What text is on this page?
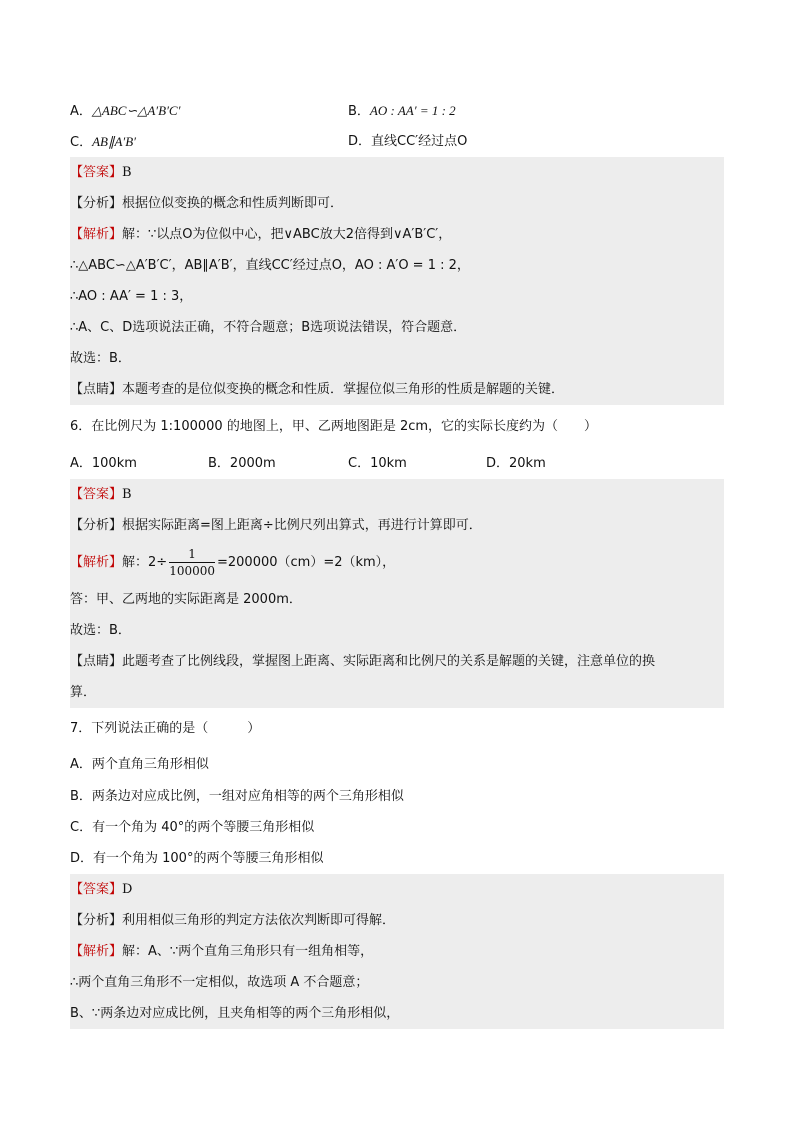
A．△ABC∽△A′B′C′	B．AO : AA′ = 1 : 2
C．AB∥A′B′	D．直线CC′经过点O
【答案】B
【分析】根据位似变换的概念和性质判断即可．
【解析】解：∵以点O为位似中心，把∨ABC放大2倍得到∨A′B′C′，
∴△ABC∽△A′B′C′，AB∥A′B′，直线CC′经过点O，AO : A′O = 1 : 2，
∴AO : AA′ = 1 : 3，
∴A、C、D选项说法正确，不符合题意；B选项说法错误，符合题意．
故选：B．
【点睛】本题考查的是位似变换的概念和性质．掌握位似三角形的性质是解题的关键．
6．在比例尺为 1:100000 的地图上，甲、乙两地图距是 2cm，它的实际长度约为（　　）
A．100km	B．2000m	C．10km	D．20km
【答案】B
【分析】根据实际距离=图上距离÷比例尺列出算式，再进行计算即可．
【解析】解：$2\div \frac{1}{100000} =200000(cm)=2(km)$，
答：甲、乙两地的实际距离是 2000m．
故选：B．
【点睛】此题考查了比例线段，掌握图上距离、实际距离和比例尺的关系是解题的关键，注意单位的换
算．
7．下列说法正确的是（　　　）
A．两个直角三角形相似
B．两条边对应成比例，一组对应角相等的两个三角形相似
C．有一个角为 40°的两个等腰三角形相似
D．有一个角为 100°的两个等腰三角形相似
【答案】D
【分析】利用相似三角形的判定方法依次判断即可得解．
【解析】解：A、∵两个直角三角形只有一组角相等，
∴两个直角三角形不一定相似，故选项 A 不合题意；
B、∵两条边对应成比例，且夹角相等的两个三角形相似，
